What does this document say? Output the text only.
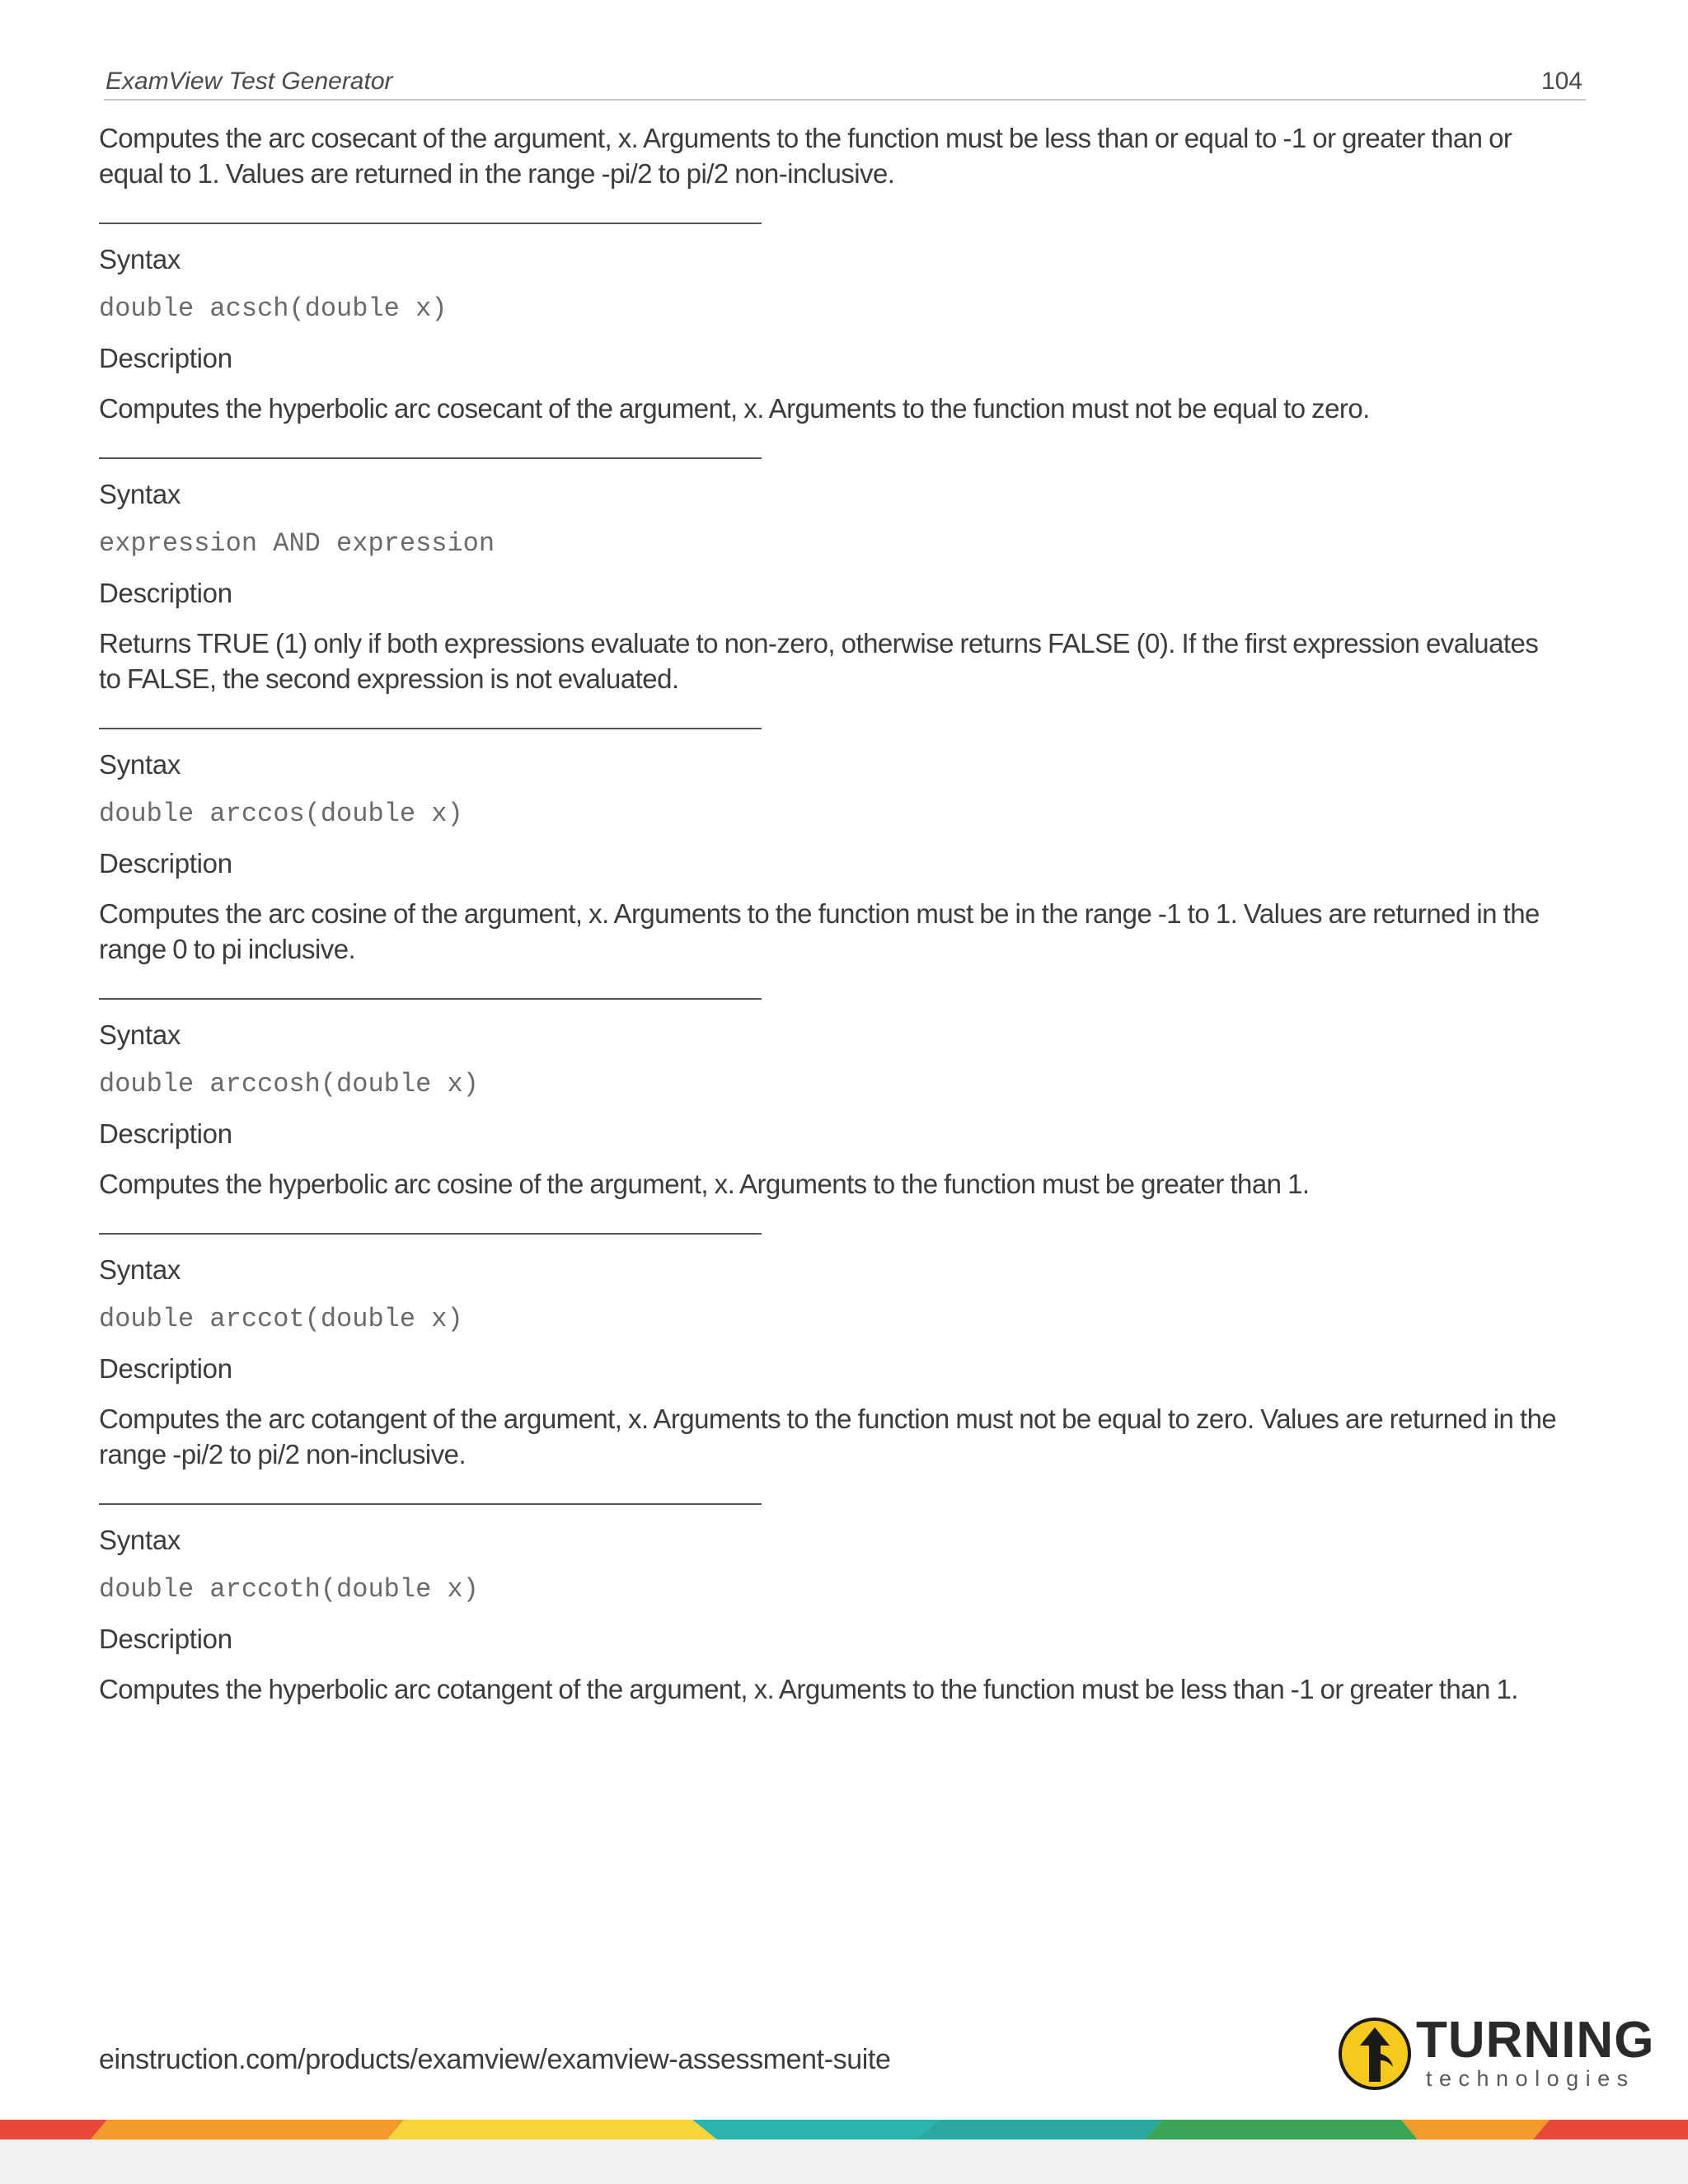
ExamView Test Generator	104

Computes the arc cosecant of the argument, x. Arguments to the function must be less than or equal to -1 or greater than or
equal to 1. Values are returned in the range -pi/2 to pi/2 non-inclusive.

Syntax

double acsch(double x)

Description

Computes the hyperbolic arc cosecant of the argument, x. Arguments to the function must not be equal to zero.

Syntax

expression AND expression

Description

Returns TRUE (1) only if both expressions evaluate to non-zero, otherwise returns FALSE (0). If the first expression evaluates
to FALSE, the second expression is not evaluated.

Syntax

double arccos(double x)

Description

Computes the arc cosine of the argument, x. Arguments to the function must be in the range -1 to 1. Values are returned in the
range 0 to pi inclusive.

Syntax

double arccosh(double x)

Description

Computes the hyperbolic arc cosine of the argument, x. Arguments to the function must be greater than 1.

Syntax

double arccot(double x)

Description

Computes the arc cotangent of the argument, x. Arguments to the function must not be equal to zero. Values are returned in the
range -pi/2 to pi/2 non-inclusive.

Syntax

double arccoth(double x)

Description

Computes the hyperbolic arc cotangent of the argument, x. Arguments to the function must be less than -1 or greater than 1.

einstruction.com/products/examview/examview-assessment-suite	TURNING
technologies
